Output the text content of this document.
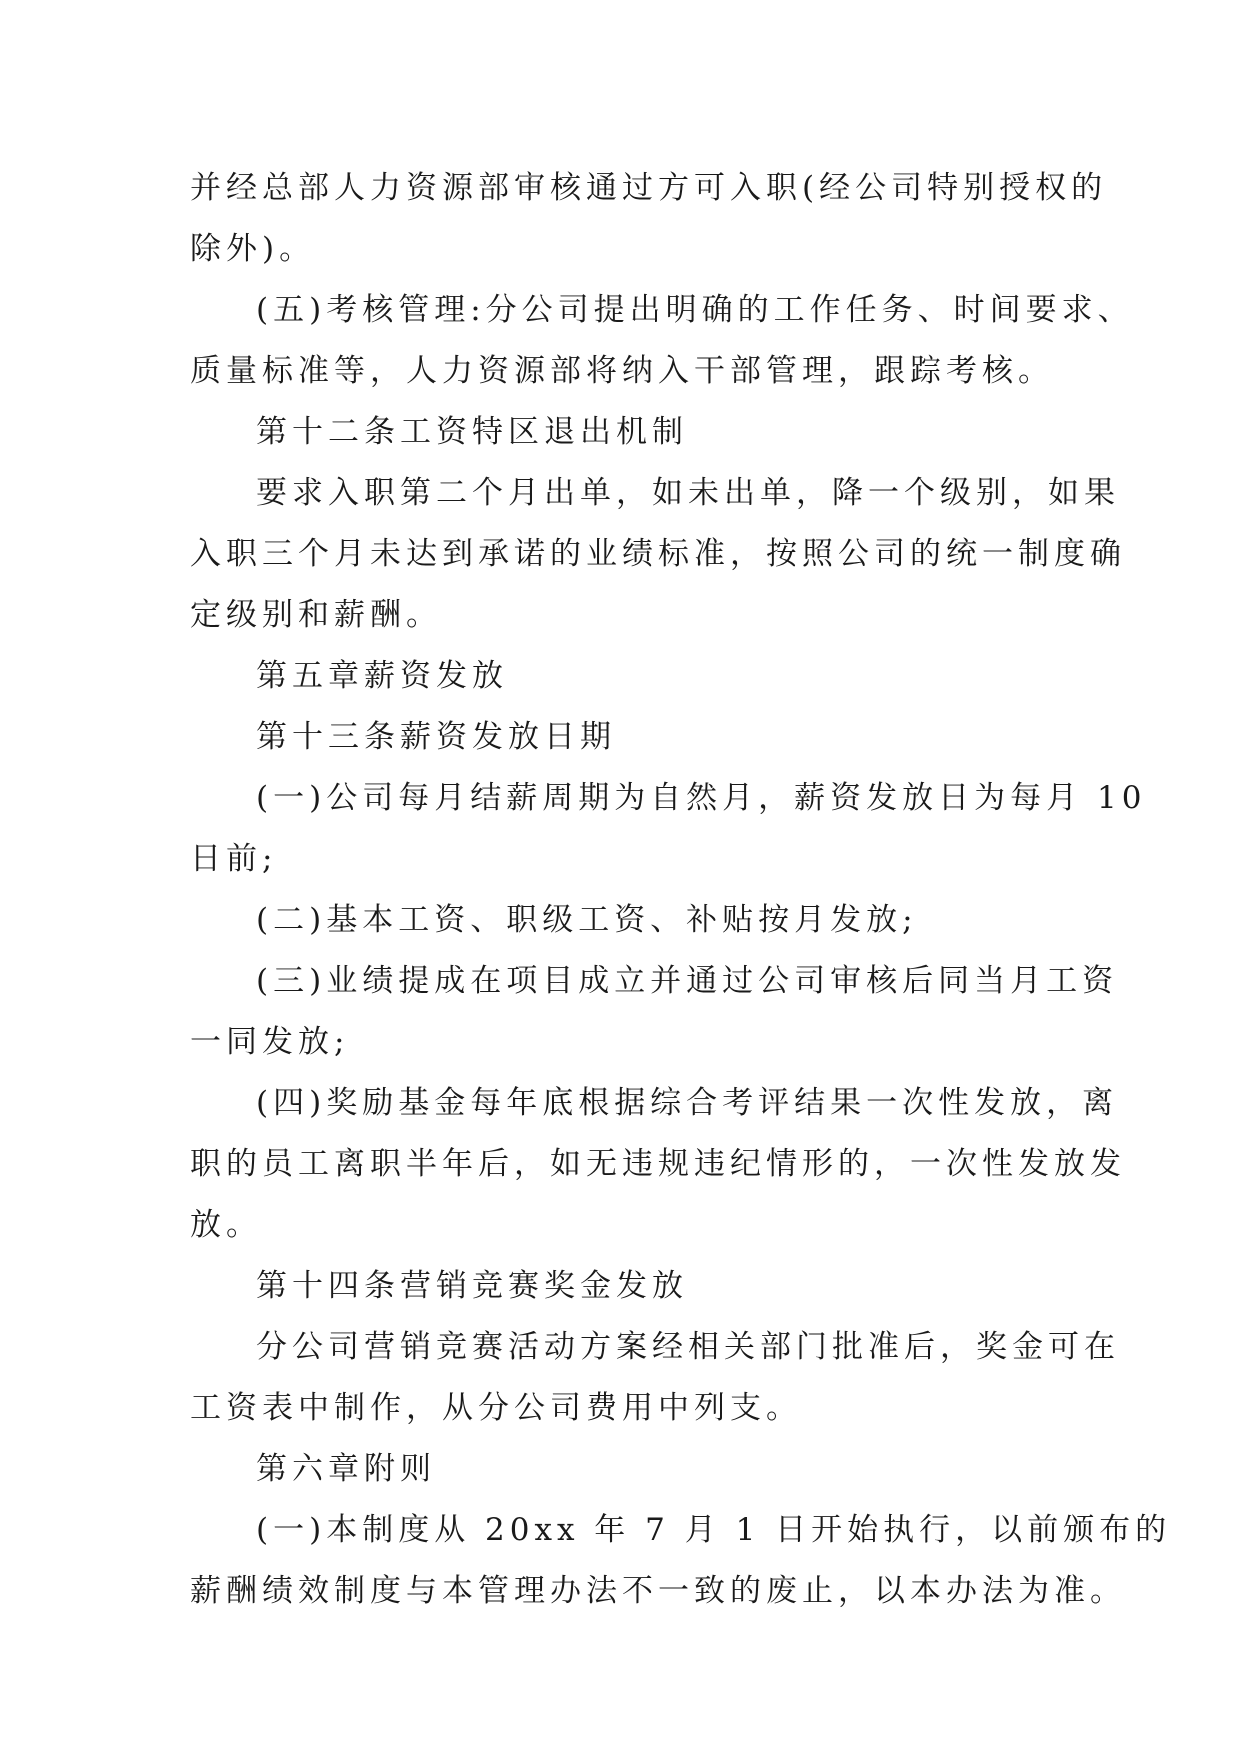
并经总部人力资源部审核通过方可入职(经公司特别授权的
除外)。
(五)考核管理:分公司提出明确的工作任务、时间要求、
质量标准等，人力资源部将纳入干部管理，跟踪考核。
第十二条工资特区退出机制
要求入职第二个月出单，如未出单，降一个级别，如果
入职三个月未达到承诺的业绩标准，按照公司的统一制度确
定级别和薪酬。
第五章薪资发放
第十三条薪资发放日期
(一)公司每月结薪周期为自然月，薪资发放日为每月 10
日前;
(二)基本工资、职级工资、补贴按月发放;
(三)业绩提成在项目成立并通过公司审核后同当月工资
一同发放;
(四)奖励基金每年底根据综合考评结果一次性发放，离
职的员工离职半年后，如无违规违纪情形的，一次性发放发
放。
第十四条营销竞赛奖金发放
分公司营销竞赛活动方案经相关部门批准后，奖金可在
工资表中制作，从分公司费用中列支。
第六章附则
(一)本制度从 20xx 年 7 月 1 日开始执行，以前颁布的
薪酬绩效制度与本管理办法不一致的废止，以本办法为准。
